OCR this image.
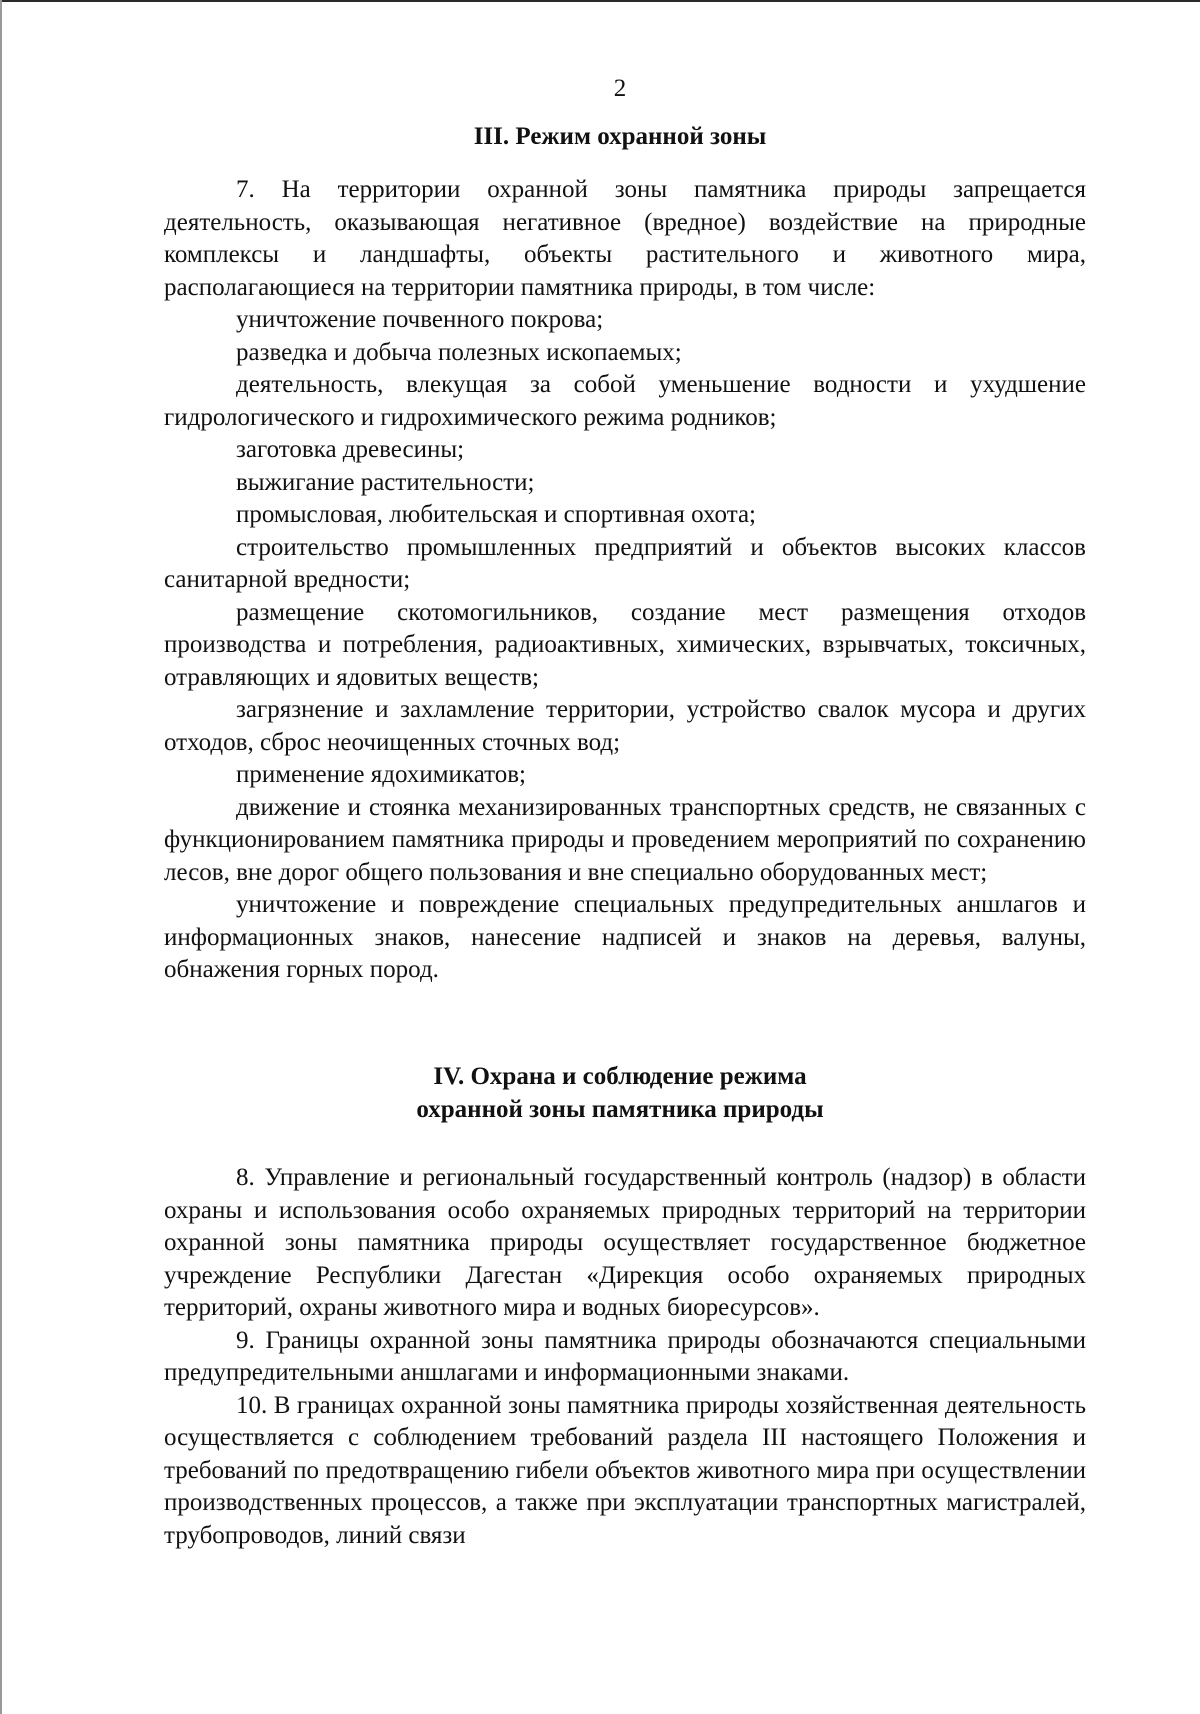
2

III. Режим охранной зоны

7. На территории охранной зоны памятника природы запрещается деятельность, оказывающая негативное (вредное) воздействие на природные комплексы и ландшафты, объекты растительного и животного мира, располагающиеся на территории памятника природы, в том числе:

уничтожение почвенного покрова;

разведка и добыча полезных ископаемых;

деятельность, влекущая за собой уменьшение водности и ухудшение гидрологического и гидрохимического режима родников;

заготовка древесины;

выжигание растительности;

промысловая, любительская и спортивная охота;

строительство промышленных предприятий и объектов высоких классов санитарной вредности;

размещение скотомогильников, создание мест размещения отходов производства и потребления, радиоактивных, химических, взрывчатых, токсичных, отравляющих и ядовитых веществ;

загрязнение и захламление территории, устройство свалок мусора и других отходов, сброс неочищенных сточных вод;

применение ядохимикатов;

движение и стоянка механизированных транспортных средств, не связанных с функционированием памятника природы и проведением мероприятий по сохранению лесов, вне дорог общего пользования и вне специально оборудованных мест;

уничтожение и повреждение специальных предупредительных аншлагов и информационных знаков, нанесение надписей и знаков на деревья, валуны, обнажения горных пород.

IV. Охрана и соблюдение режима
охранной зоны памятника природы

8. Управление и региональный государственный контроль (надзор) в области охраны и использования особо охраняемых природных территорий на территории охранной зоны памятника природы осуществляет государственное бюджетное учреждение Республики Дагестан «Дирекция особо охраняемых природных территорий, охраны животного мира и водных биоресурсов».

9. Границы охранной зоны памятника природы обозначаются специальными предупредительными аншлагами и информационными знаками.

10. В границах охранной зоны памятника природы хозяйственная деятельность осуществляется с соблюдением требований раздела III настоящего Положения и требований по предотвращению гибели объектов животного мира при осуществлении производственных процессов, а также при эксплуатации транспортных магистралей, трубопроводов, линий связи
